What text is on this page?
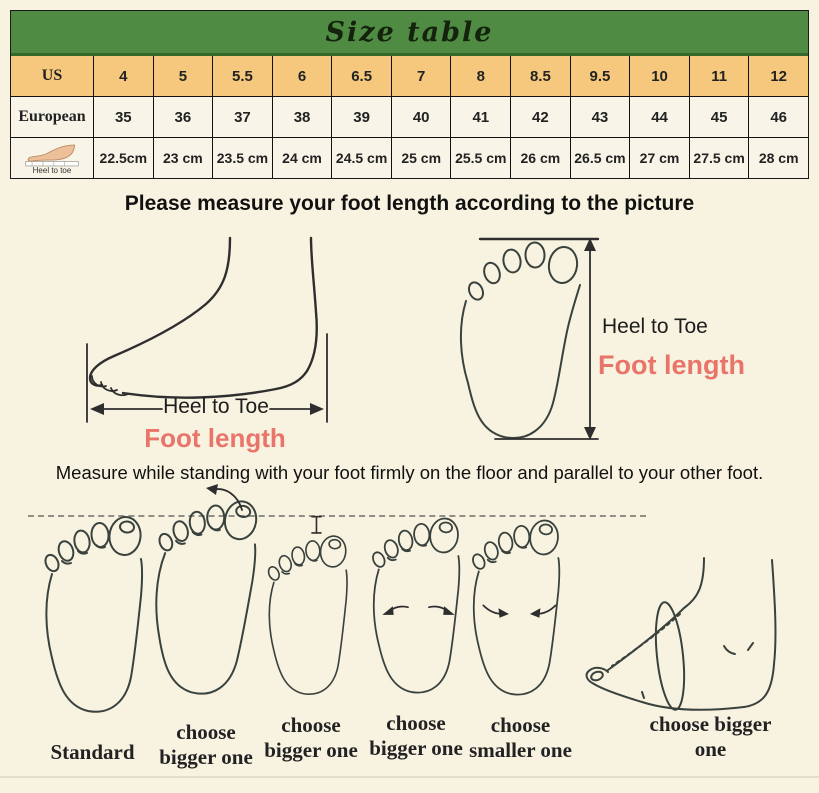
Size table
US	4	5	5.5	6	6.5	7	8	8.5	9.5	10	11	12
European	35	36	37	38	39	40	41	42	43	44	45	46
Heel to toe
22.5cm	23 cm	23.5 cm	24 cm	24.5 cm	25 cm	25.5 cm	26 cm	26.5 cm	27 cm	27.5 cm	28 cm
Please measure your foot length according to the picture
Heel to Toe
Foot length
Heel to Toe
Foot length
Measure while standing with your foot firmly on the floor and parallel to your other foot.
Standard
choose bigger one
choose bigger one
choose bigger one
choose smaller one
choose bigger one
